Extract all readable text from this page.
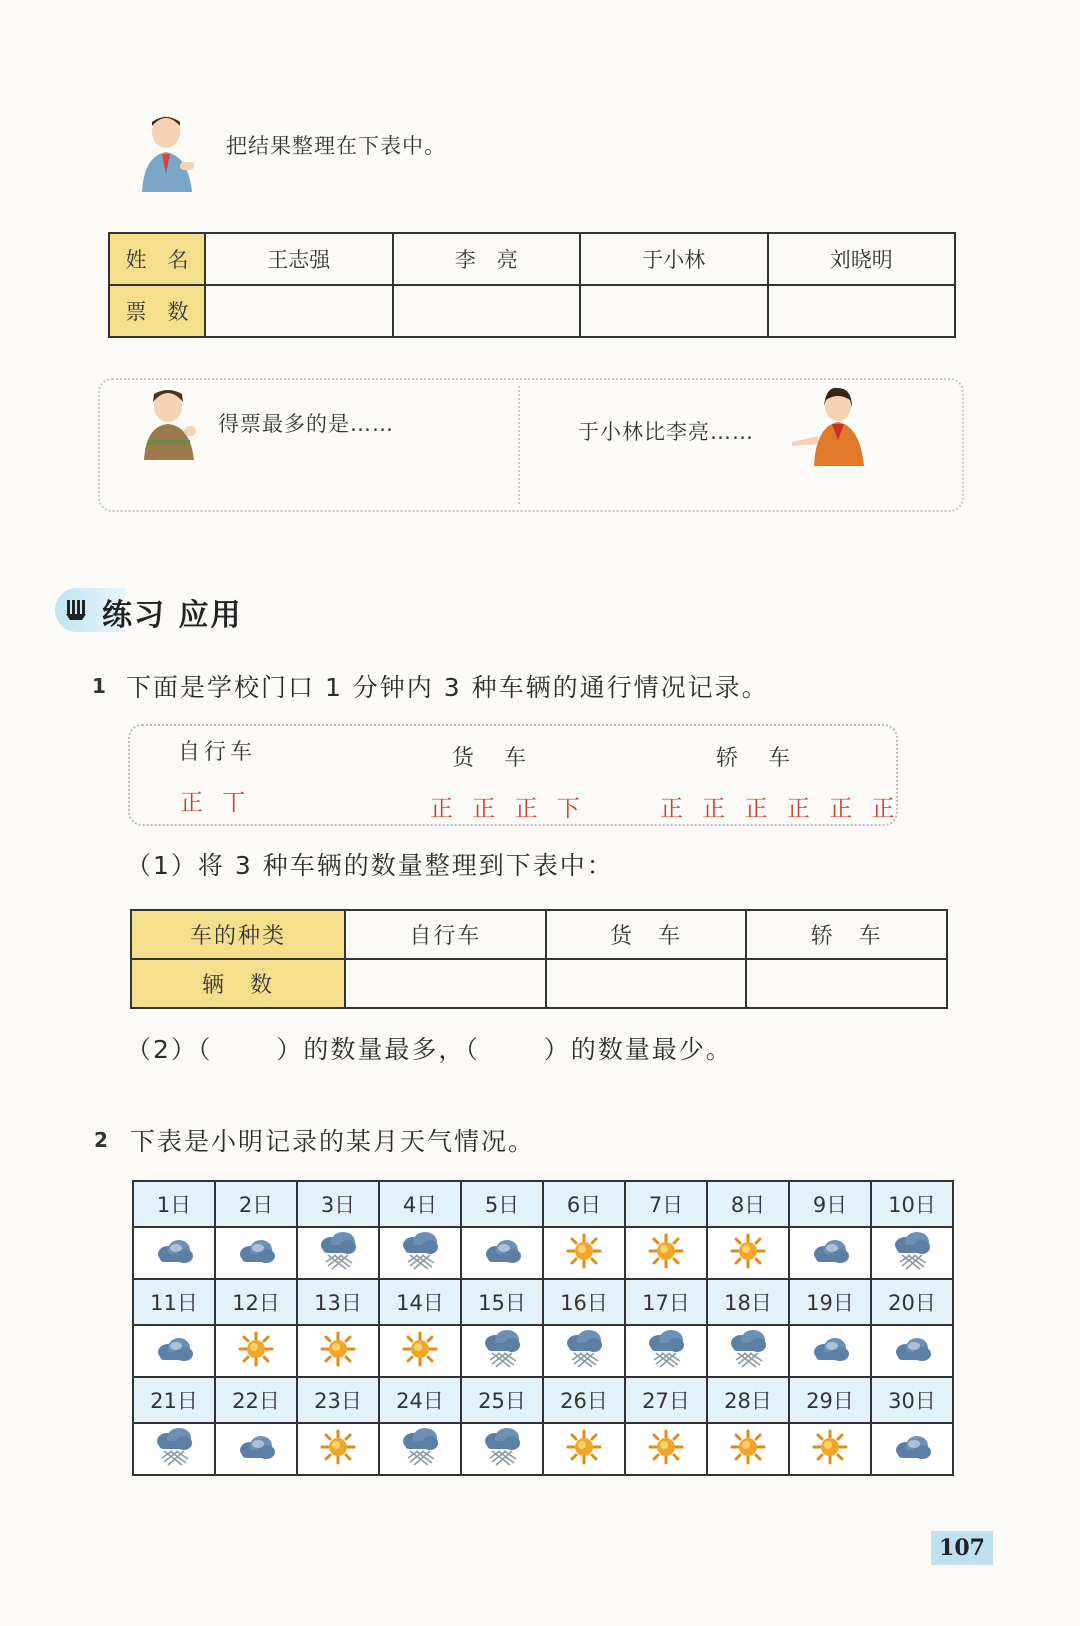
把结果整理在下表中。
姓　名	王志强	李　亮	于小林	刘晓明
票　数				
得票最多的是……	于小林比李亮……
练习 应用
1 下面是学校门口 1 分钟内 3 种车辆的通行情况记录。
自行车	货　车	轿　车
正 丅	正 正 正 下	正 正 正 正 正 正
（1）将 3 种车辆的数量整理到下表中：
车的种类	自行车	货　车	轿　车
辆　数			
（2）（　　 ）的数量最多，（　　 ）的数量最少。
2 下表是小明记录的某月天气情况。
1日	2日	3日	4日	5日	6日	7日	8日	9日	10日

11日	12日	13日	14日	15日	16日	17日	18日	19日	20日

21日	22日	23日	24日	25日	26日	27日	28日	29日	30日

107
